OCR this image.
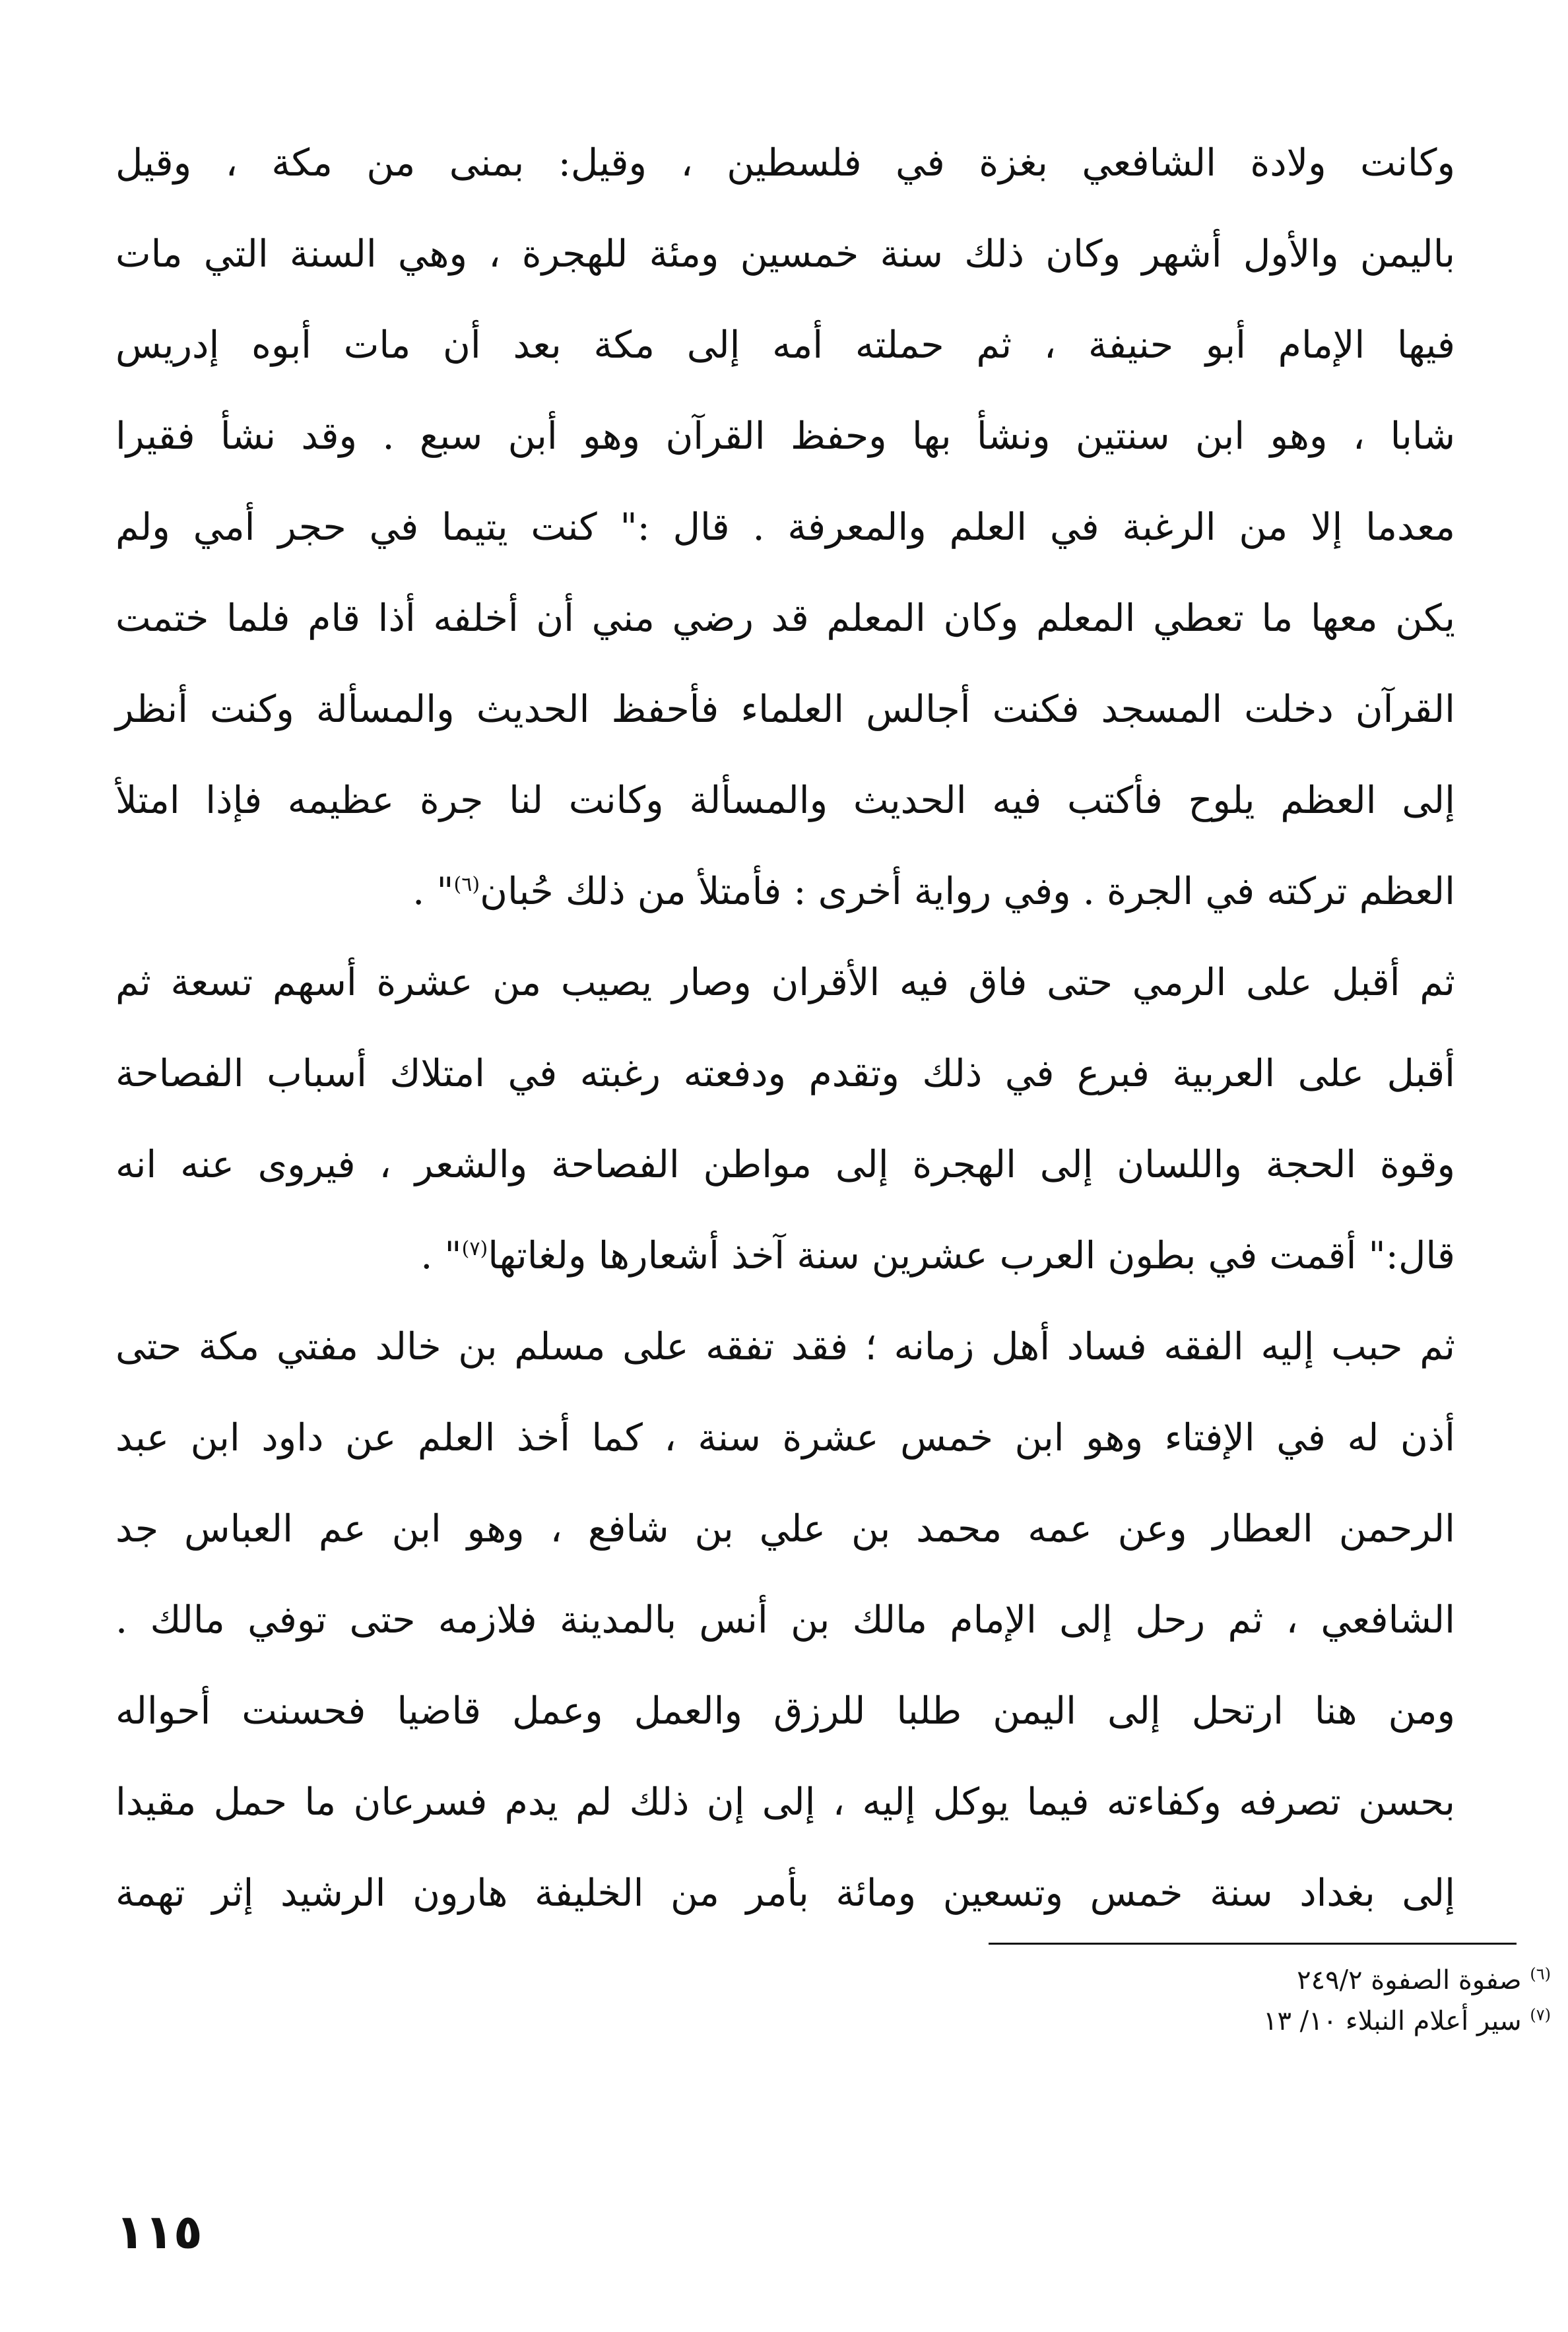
وكانت ولادة الشافعي بغزة في فلسطين ، وقيل: بمنى من مكة ، وقيل
باليمن والأول أشهر وكان ذلك سنة خمسين ومئة للهجرة ، وهي السنة التي مات
فيها الإمام أبو حنيفة ، ثم حملته أمه إلى مكة بعد أن مات أبوه إدريس
شابا ، وهو ابن سنتين ونشأ بها وحفظ القرآن وهو أبن سبع . وقد نشأ فقيرا
معدما إلا من الرغبة في العلم والمعرفة . قال :" كنت يتيما في حجر أمي ولم
يكن معها ما تعطي المعلم وكان المعلم قد رضي مني أن أخلفه أذا قام فلما ختمت
القرآن دخلت المسجد فكنت أجالس العلماء فأحفظ الحديث والمسألة وكنت أنظر
إلى العظم يلوح فأكتب فيه الحديث والمسألة وكانت لنا جرة عظيمه فإذا امتلأ
العظم تركته في الجرة . وفي رواية أخرى : فأمتلأ من ذلك حُبان$^{(٦)}$" .
ثم أقبل على الرمي حتى فاق فيه الأقران وصار يصيب من عشرة أسهم تسعة ثم
أقبل على العربية فبرع في ذلك وتقدم ودفعته رغبته في امتلاك أسباب الفصاحة
وقوة الحجة واللسان إلى الهجرة إلى مواطن الفصاحة والشعر ، فيروى عنه انه
قال:" أقمت في بطون العرب عشرين سنة آخذ أشعارها ولغاتها$^{(٧)}$" .
ثم حبب إليه الفقه فساد أهل زمانه ؛ فقد تفقه على مسلم بن خالد مفتي مكة حتى
أذن له في الإفتاء وهو ابن خمس عشرة سنة ، كما أخذ العلم عن داود ابن عبد
الرحمن العطار وعن عمه محمد بن علي بن شافع ، وهو ابن عم العباس جد
الشافعي ، ثم رحل إلى الإمام مالك بن أنس بالمدينة فلازمه حتى توفي مالك .
ومن هنا ارتحل إلى اليمن طلبا للرزق والعمل وعمل قاضيا فحسنت أحواله
بحسن تصرفه وكفاءته فيما يوكل إليه ، إلى إن ذلك لم يدم فسرعان ما حمل مقيدا
إلى بغداد سنة خمس وتسعين ومائة بأمر من الخليفة هارون الرشيد إثر تهمة
$^{(٦)}$ صفوة الصفوة ٢٤٩/٢
$^{(٧)}$ سير أعلام النبلاء ١٠/ ١٣
١١٥
